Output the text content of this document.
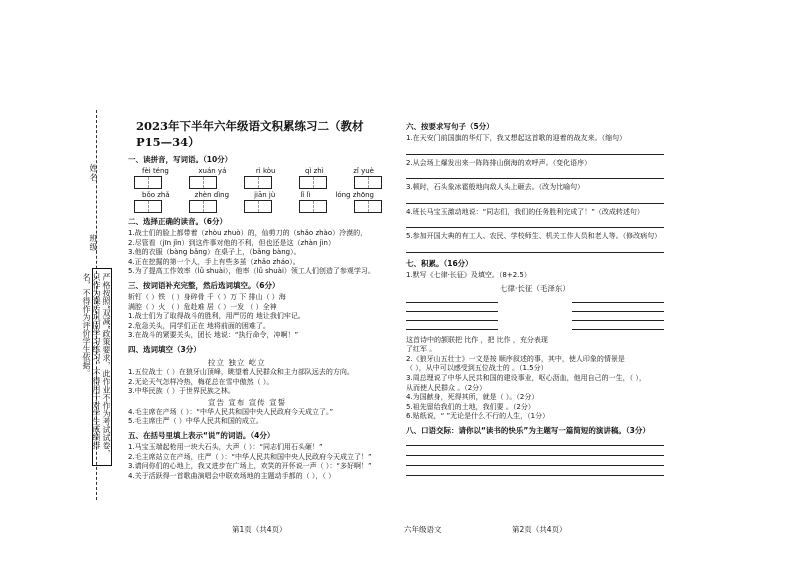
姓名
班级
严格按照“双减”政策要求，此作业不作为考试试卷，只作为课后巩固学习练习，不得用于对学生成绩排名，不得作为评价学生依据。
2023年下半年六年级语文积累练习二（教材P15—34）
一、读拼音，写词语。（10分）
fèi téng	xuán yá	rì kòu	qì zhì	zǐ yuè
bǒo zhǎ	zhèn dìng	jiān jù	lǐ lì	lóng zhōng
二、选择正确的读音。（6分）
1.战士们的脸上都带着（zhòu zhuò）的，仙剪刀的（shǎo zhào）冷漠的，
2.尽管看（jīn jǐn）到这件事对他的不利，但也还是这（zhàn jìn）
3.他的衣服（bàng bǎng）在桌子上，（bǎng bàng）。
4.正在挖掘的第一个人，手上有些多茧（zhǎo zháo）。
5.为了提高工作效率（lǜ shuài），他率（lǜ shuài）领工人们创造了参观学习。
三、按词语补充完整，然后选词填空。（6分）
斩钉（ ）铁 （ ）身碎骨 千（ ）万 下 排山（ ）海
满腔（ ）火 （ ）危赴难 居（ ）一发 （ ）全神
1.战士们为了取得战斗的胜利，用严厉的 地让我们牢记。
2.危急关头，同学们正在 地将前面的困难了。
3.在战斗的紧要关头，团长 地说：“执行命令，冲啊！”
四、选词填空（3分）
拉立 独立 屹立
1.五位战士（ ）在狼牙山顶峰，眺望着人民群众和主力部队远去的方向。
2.无论天气怎样冷热，梅花总在雪中傲然（ ）。
3.中华民族（ ）于世界民族之林。
宣告 宣布 宣传 宣誓
4.毛主席在产场（ ）：“中华人民共和国中央人民政府今天成立了。”
5.毛主席庄严（ ）中华人民共和国的成立。
五、在括号里填上表示“说”的词语。（4分）
1.马宝玉端起枪用一块大石头，大声（ ）：“同志们用石头砸！”
2.毛主席站立在产场，庄严（ ）：“中华人民共和国中央人民政府今天成立了！”
3.请问你们的心地上，我又进步在广场上，欢笑的开怀说一声（ ）：“多好啊！”
4.关于活跃得一首歌曲演唱会中联欢场地的主题动手都的（ ），（ ）
第1页（共4页）
六、按要求写句子（5分）
1.在天安门前国旗的华灯下，我又想起这首歌的迎着的战友来。（缩句）
2.从会场上爆发出来一阵阵排山倒海的欢呼声。（变化语序）
3.顿时，石头象冰雹般地向敌人头上砸去。（改为比喻句）
4.班长马宝玉激动地说：“同志们，我们的任务胜利完成了！”（改成转述句）
5.参加开国大典的有工人、农民、学校师生、机关工作人员和老人等。（修改病句）
七、积累。（16分）
1.默写《七律·长征》及填空。（8+2.5）
七律·长征（毛泽东）
这首诗中的颔联把 比作 ，把 比作 ，充分表现
了红军 。
2.《狼牙山五壮士》一文是按 顺序叙述的事，其中，使人印象的情景是
（ ），从中可以感受到五位战士的 。（1.5分）
3.周总理说了中华人民共和国的建设事业，呕心沥血，他用自己的一生，（ ），
从而使人民群众 。（2分）
4.为国献身，死得其所，就是（ ）。（2分）
5.祖先留给我们的土地，我们要 。（2分）
6.贴纸说，“ ”无论是什么不行的人生，（1分）
八、口语交际：请你以“读书的快乐”为主题写一篇简短的演讲稿。（3分）
六年级语文	第2页（共4页）
